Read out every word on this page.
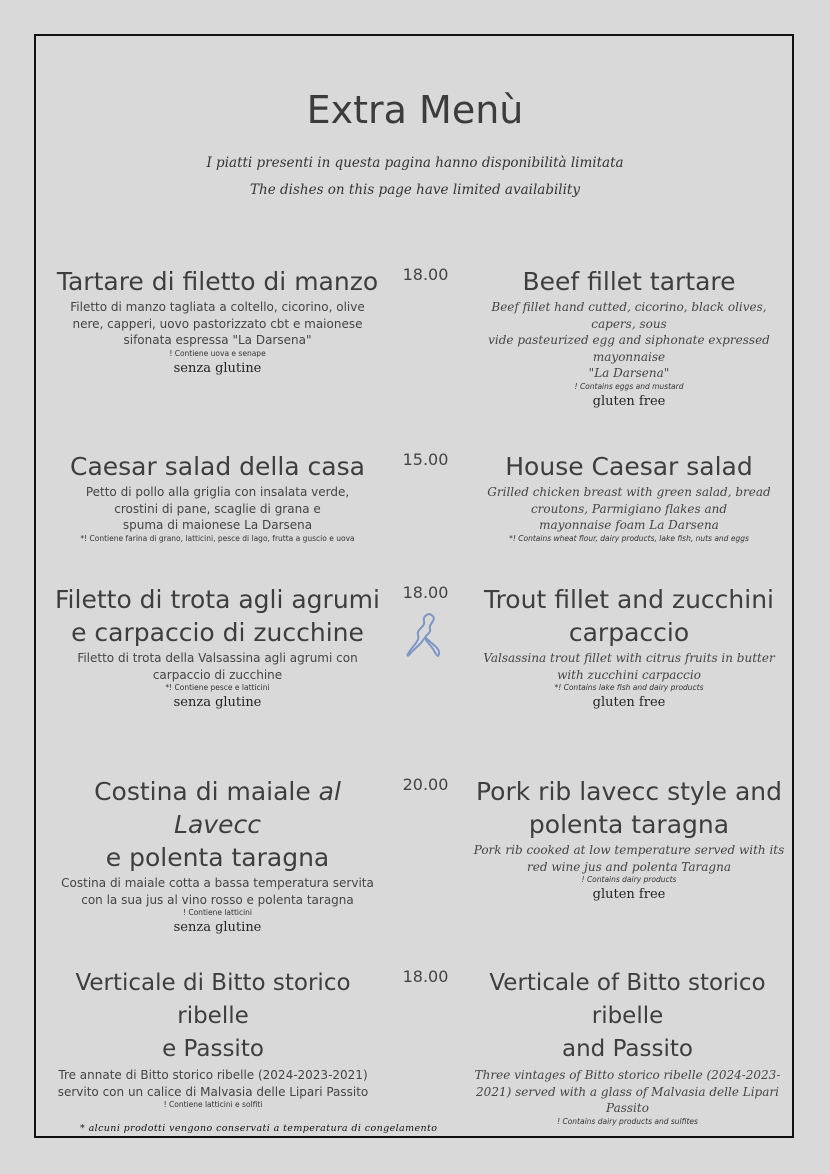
Extra Menù
I piatti presenti in questa pagina hanno disponibilità limitata
The dishes on this page have limited availability
18.00
Tartare di filetto di manzo
Filetto di manzo tagliata a coltello, cicorino, olive
nere, capperi, uovo pastorizzato cbt e maionese
sifonata espressa "La Darsena"
! Contiene uova e senape
senza glutine
Beef fillet tartare
Beef fillet hand cutted, cicorino, black olives, capers, sous
vide pasteurized egg and siphonate expressed mayonnaise
"La Darsena"
! Contains eggs and mustard
gluten free
15.00
Caesar salad della casa
Petto di pollo alla griglia con insalata verde,
crostini di pane, scaglie di grana e
spuma di maionese La Darsena
*! Contiene farina di grano, latticini, pesce di lago, frutta a guscio e uova
House Caesar salad
Grilled chicken breast with green salad, bread
croutons, Parmigiano flakes and
mayonnaise foam La Darsena
*! Contains wheat flour, dairy products, lake fish, nuts and eggs
18.00
Filetto di trota agli agrumi
e carpaccio di zucchine
Filetto di trota della Valsassina agli agrumi con
carpaccio di zucchine
*! Contiene pesce e latticini
senza glutine
Trout fillet and zucchini
carpaccio
Valsassina trout fillet with citrus fruits in butter
with zucchini carpaccio
*! Contains lake fish and dairy products
gluten free
20.00
Costina di maiale al Lavecc
e polenta taragna
Costina di maiale cotta a bassa temperatura servita
con la sua jus al vino rosso e polenta taragna
! Contiene latticini
senza glutine
Pork rib lavecc style and
polenta taragna
Pork rib cooked at low temperature served with its
red wine jus and polenta Taragna
! Contains dairy products
gluten free
18.00
Verticale di Bitto storico ribelle
e Passito
Tre annate di Bitto storico ribelle (2024-2023-2021)
servito con un calice di Malvasia delle Lipari Passito
! Contiene latticini e solfiti
Verticale of Bitto storico ribelle
and Passito
Three vintages of Bitto storico ribelle (2024-2023-
2021) served with a glass of Malvasia delle Lipari Passito
! Contains dairy products and sulfites
* alcuni prodotti vengono conservati a temperatura di congelamento
